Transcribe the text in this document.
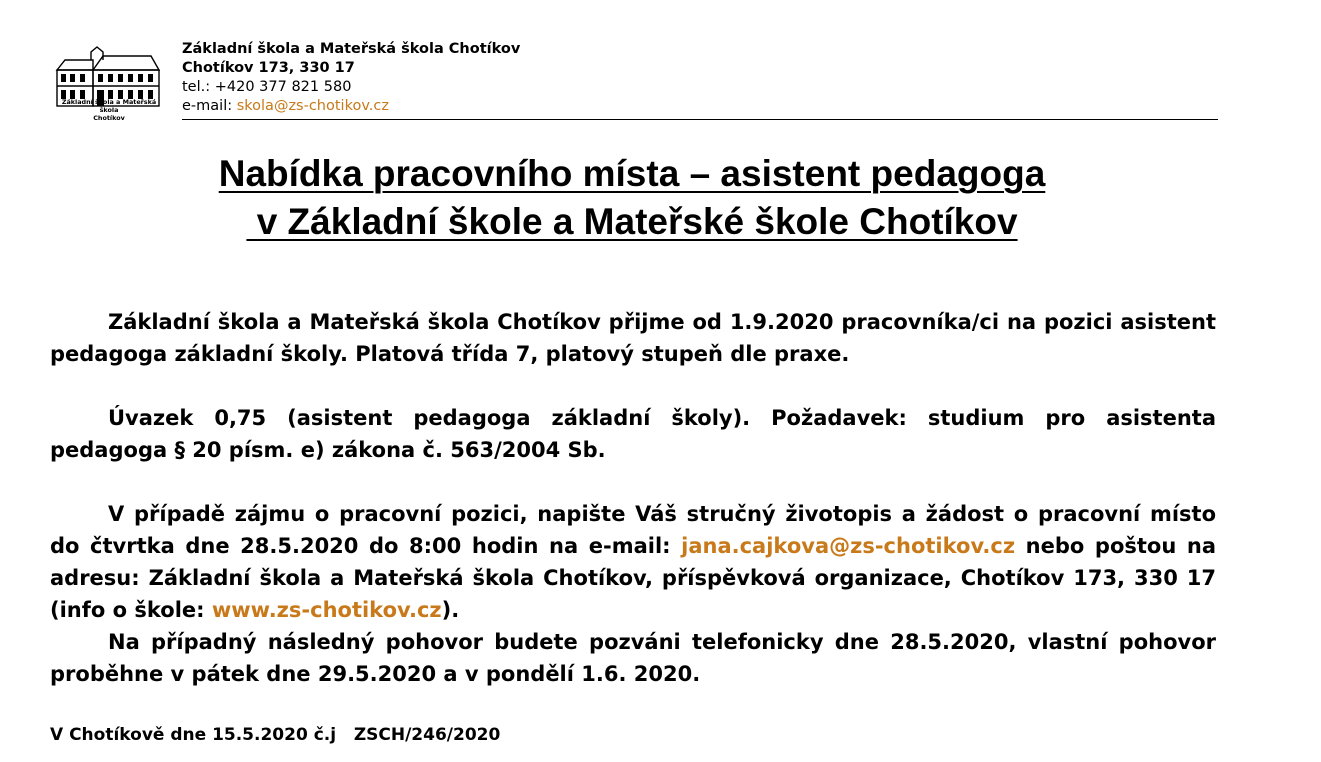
Základní škola a Mateřská škola
Chotíkov
Základní škola a Mateřská škola Chotíkov
Chotíkov 173, 330 17
tel.: +420 377 821 580
e-mail: skola@zs-chotikov.cz
Nabídka pracovního místa – asistent pedagoga
v Základní škole a Mateřské škole Chotíkov

Základní škola a Mateřská škola Chotíkov přijme od 1.9.2020 pracovníka/ci na pozici asistent pedagoga základní školy. Platová třída 7, platový stupeň dle praxe.

Úvazek 0,75 (asistent pedagoga základní školy). Požadavek: studium pro asistenta pedagoga § 20 písm. e) zákona č. 563/2004 Sb.

V případě zájmu o pracovní pozici, napište Váš stručný životopis a žádost o pracovní místo do čtvrtka dne 28.5.2020 do 8:00 hodin na e-mail: jana.cajkova@zs-chotikov.cz nebo poštou na adresu: Základní škola a Mateřská škola Chotíkov, příspěvková organizace, Chotíkov 173, 330 17 (info o škole: www.zs-chotikov.cz).

Na případný následný pohovor budete pozváni telefonicky dne 28.5.2020, vlastní pohovor proběhne v pátek dne 29.5.2020 a v pondělí 1.6. 2020.

V Chotíkově dne 15.5.2020 č.j   ZSCH/246/2020
